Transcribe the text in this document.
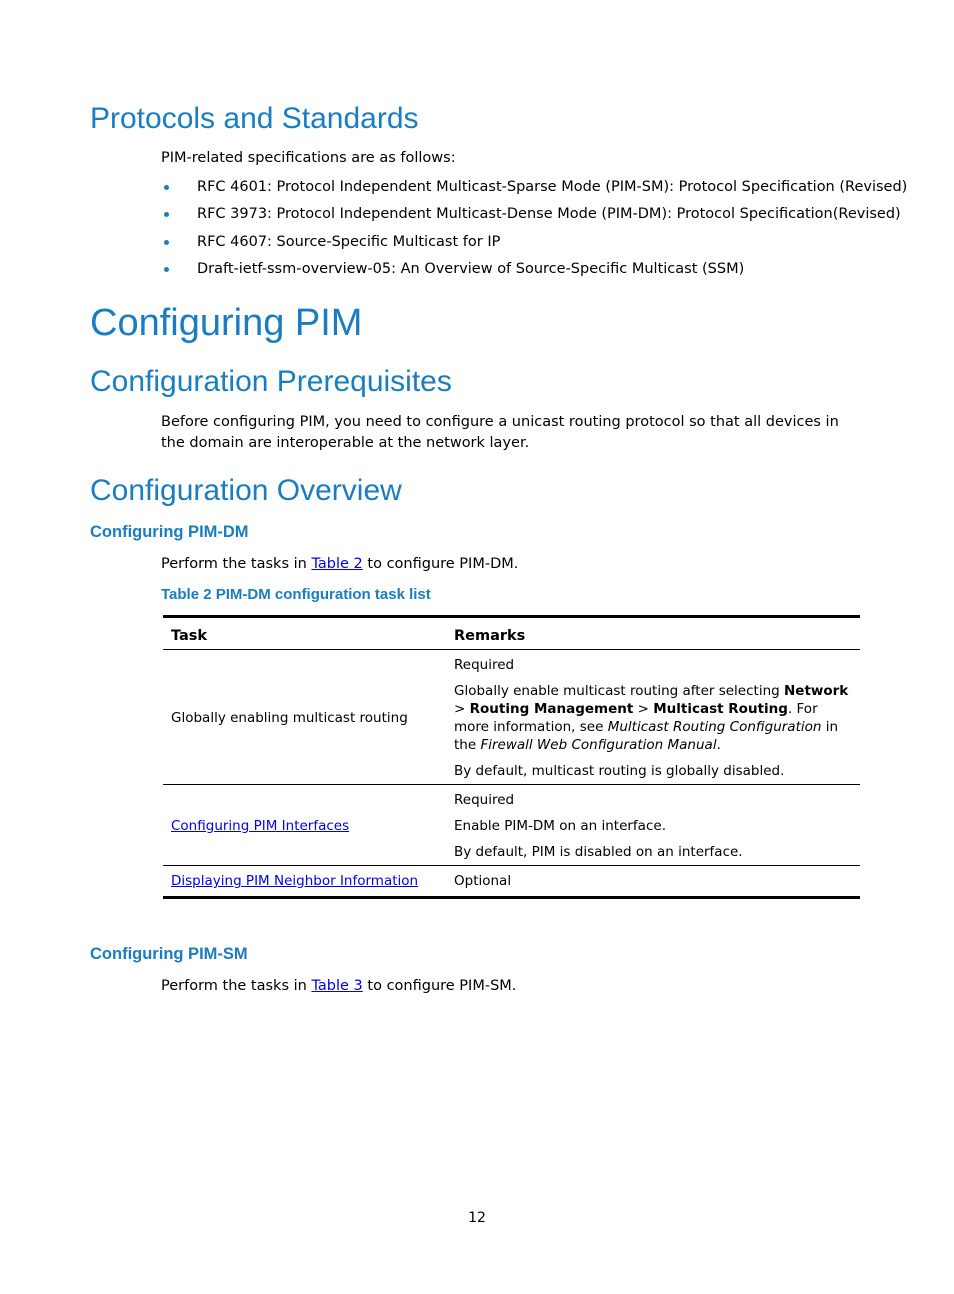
Protocols and Standards

PIM-related specifications are as follows:

RFC 4601: Protocol Independent Multicast-Sparse Mode (PIM-SM): Protocol Specification (Revised)
RFC 3973: Protocol Independent Multicast-Dense Mode (PIM-DM): Protocol Specification(Revised)
RFC 4607: Source-Specific Multicast for IP
Draft-ietf-ssm-overview-05: An Overview of Source-Specific Multicast (SSM)
Configuring PIM
Configuration Prerequisites

Before configuring PIM, you need to configure a unicast routing protocol so that all devices in the domain are interoperable at the network layer.

Configuration Overview
Configuring PIM-DM

Perform the tasks in Table 2 to configure PIM-DM.

Table 2 PIM-DM configuration task list
Task	Remarks
Globally enabling multicast routing	Required
Globally enable multicast routing after selecting Network > Routing Management > Multicast Routing. For more information, see Multicast Routing Configuration in the Firewall Web Configuration Manual.
By default, multicast routing is globally disabled.

Configuring PIM Interfaces	Required
Enable PIM-DM on an interface.
By default, PIM is disabled on an interface.

Displaying PIM Neighbor Information	Optional
Configuring PIM-SM

Perform the tasks in Table 3 to configure PIM-SM.

12
